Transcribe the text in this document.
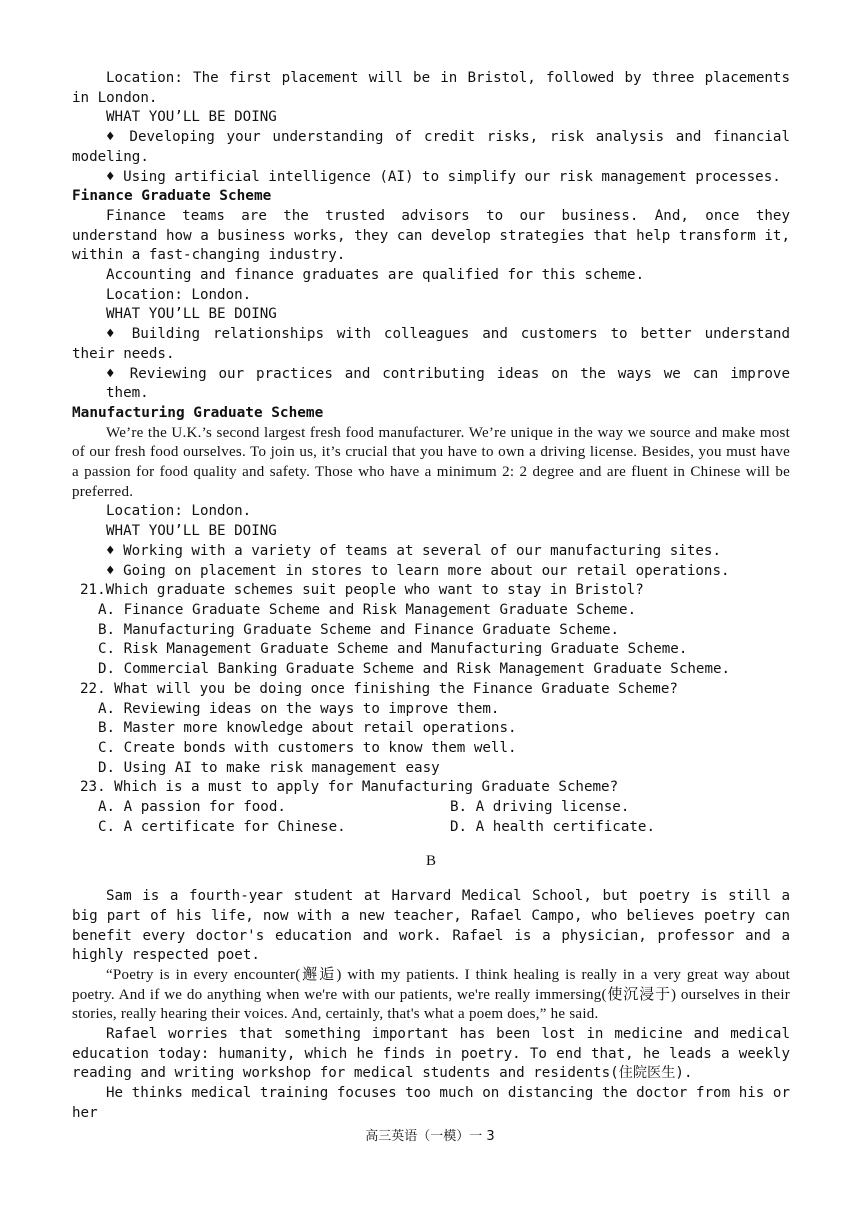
Location: The first placement will be in Bristol, followed by three placements in London.

WHAT YOU’LL BE DOING

♦ Developing your understanding of credit risks, risk analysis and financial modeling.

♦ Using artificial intelligence (AI) to simplify our risk management processes.

Finance Graduate Scheme

Finance teams are the trusted advisors to our business. And, once they understand how a business works, they can develop strategies that help transform it, within a fast-changing industry.

Accounting and finance graduates are qualified for this scheme.

Location: London.

WHAT YOU’LL BE DOING

♦ Building relationships with colleagues and customers to better understand their needs.

♦ Reviewing our practices and contributing ideas on the ways we can improve them.

Manufacturing Graduate Scheme

We’re the U.K.’s second largest fresh food manufacturer. We’re unique in the way we source and make most of our fresh food ourselves. To join us, it’s crucial that you have to own a driving license. Besides, you must have a passion for food quality and safety. Those who have a minimum 2: 2 degree and are fluent in Chinese will be preferred.

Location: London.

WHAT YOU’LL BE DOING

♦ Working with a variety of teams at several of our manufacturing sites.

♦ Going on placement in stores to learn more about our retail operations.

21.Which graduate schemes suit people who want to stay in Bristol?

A. Finance Graduate Scheme and Risk Management Graduate Scheme.

B. Manufacturing Graduate Scheme and Finance Graduate Scheme.

C. Risk Management Graduate Scheme and Manufacturing Graduate Scheme.

D. Commercial Banking Graduate Scheme and Risk Management Graduate Scheme.

22. What will you be doing once finishing the Finance Graduate Scheme?

A. Reviewing ideas on the ways to improve them.

B. Master more knowledge about retail operations.

C. Create bonds with customers to know them well.

D. Using AI to make risk management easy

23. Which is a must to apply for Manufacturing Graduate Scheme?

A. A passion for food.	B. A driving license.
C. A certificate for Chinese.	D. A health certificate.

B

Sam is a fourth-year student at Harvard Medical School, but poetry is still a big part of his life, now with a new teacher, Rafael Campo, who believes poetry can benefit every doctor's education and work. Rafael is a physician, professor and a highly respected poet.

“Poetry is in every encounter(邂逅) with my patients. I think healing is really in a very great way about poetry. And if we do anything when we're with our patients, we're really immersing(使沉浸于) ourselves in their stories, really hearing their voices. And, certainly, that's what a poem does,” he said.

Rafael worries that something important has been lost in medicine and medical education today: humanity, which he finds in poetry. To end that, he leads a weekly reading and writing workshop for medical students and residents(住院医生).

He thinks medical training focuses too much on distancing the doctor from his or her

高三英语（一模）一 3
